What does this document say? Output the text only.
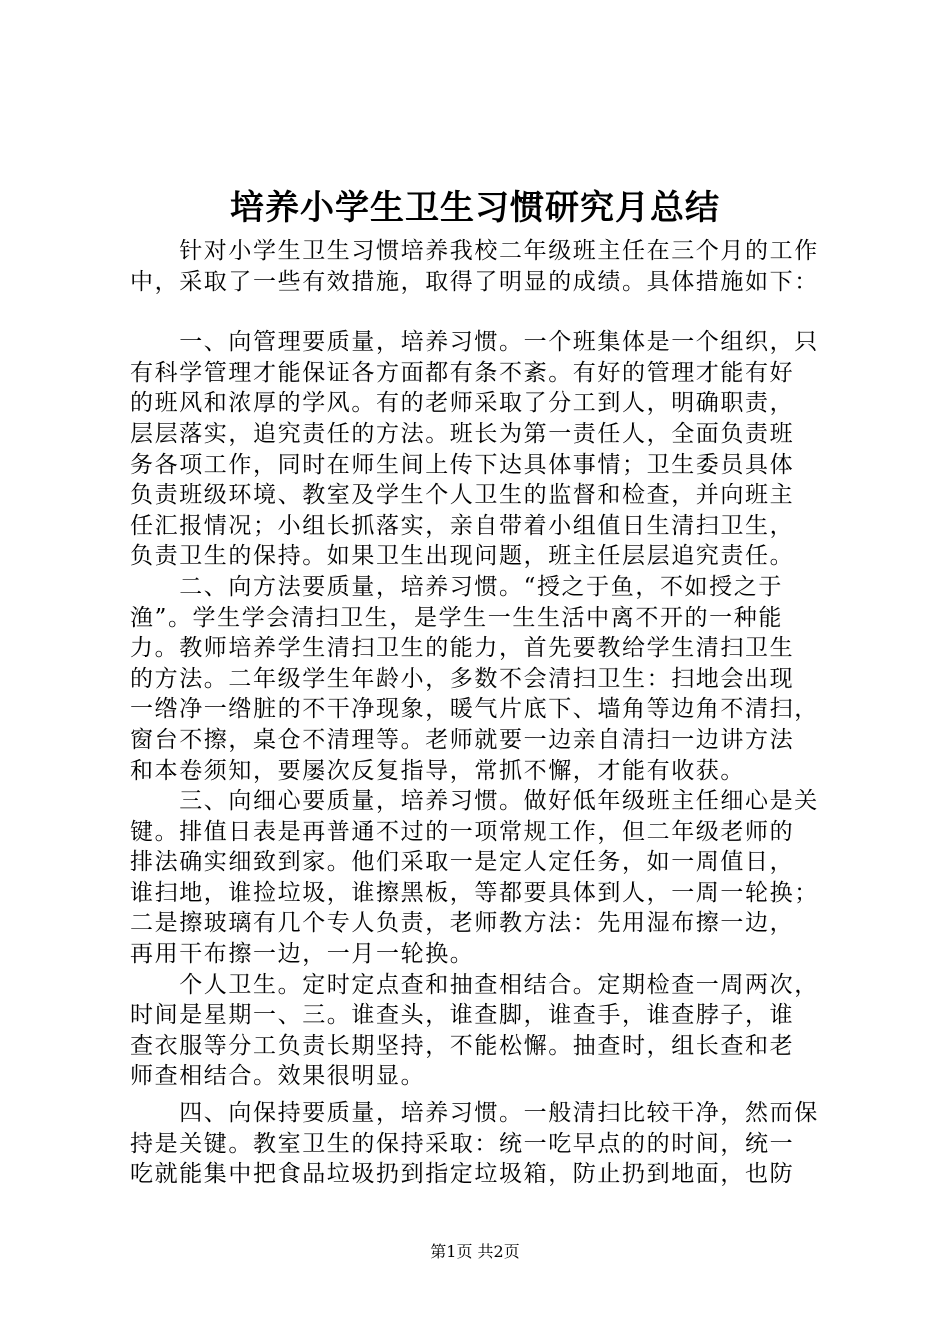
培养小学生卫生习惯研究月总结

　　针对小学生卫生习惯培养我校二年级班主任在三个月的工作
中，采取了一些有效措施，取得了明显的成绩。具体措施如下：

　　一、向管理要质量，培养习惯。一个班集体是一个组织，只
有科学管理才能保证各方面都有条不紊。有好的管理才能有好
的班风和浓厚的学风。有的老师采取了分工到人，明确职责，
层层落实，追究责任的方法。班长为第一责任人，全面负责班
务各项工作，同时在师生间上传下达具体事情；卫生委员具体
负责班级环境、教室及学生个人卫生的监督和检查，并向班主
任汇报情况；小组长抓落实，亲自带着小组值日生清扫卫生，
负责卫生的保持。如果卫生出现问题，班主任层层追究责任。

　　二、向方法要质量，培养习惯。“授之于鱼，不如授之于
渔”。学生学会清扫卫生，是学生一生生活中离不开的一种能
力。教师培养学生清扫卫生的能力，首先要教给学生清扫卫生
的方法。二年级学生年龄小，多数不会清扫卫生：扫地会出现
一绺净一绺脏的不干净现象，暖气片底下、墙角等边角不清扫，
窗台不擦，桌仓不清理等。老师就要一边亲自清扫一边讲方法
和本卷须知，要屡次反复指导，常抓不懈，才能有收获。

　　三、向细心要质量，培养习惯。做好低年级班主任细心是关
键。排值日表是再普通不过的一项常规工作，但二年级老师的
排法确实细致到家。他们采取一是定人定任务，如一周值日，
谁扫地，谁捡垃圾，谁擦黑板，等都要具体到人，一周一轮换；
二是擦玻璃有几个专人负责，老师教方法：先用湿布擦一边，
再用干布擦一边，一月一轮换。

　　个人卫生。定时定点查和抽查相结合。定期检查一周两次，
时间是星期一、三。谁查头，谁查脚，谁查手，谁查脖子，谁
查衣服等分工负责长期坚持，不能松懈。抽查时，组长查和老
师查相结合。效果很明显。

　　四、向保持要质量，培养习惯。一般清扫比较干净，然而保
持是关键。教室卫生的保持采取：统一吃早点的的时间，统一
吃就能集中把食品垃圾扔到指定垃圾箱，防止扔到地面，也防

第1页 共2页
